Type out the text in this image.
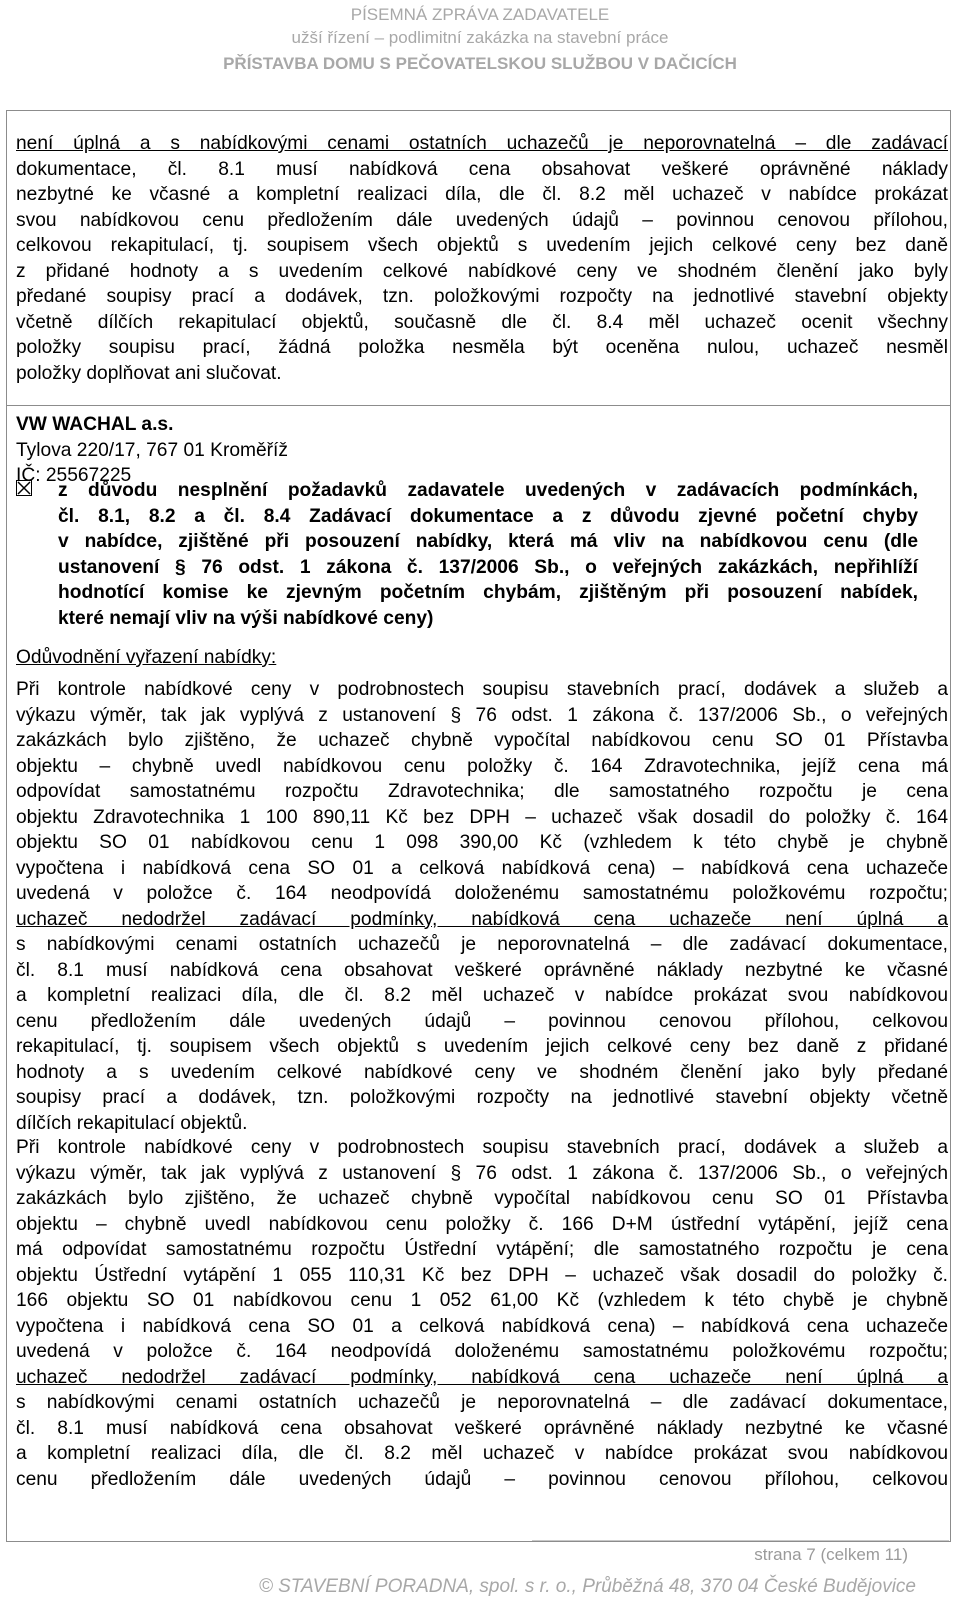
PÍSEMNÁ ZPRÁVA ZADAVATELE
užší řízení – podlimitní zakázka na stavební práce
PŘÍSTAVBA DOMU S PEČOVATELSKOU SLUŽBOU V DAČICÍCH
není úplná a s nabídkovými cenami ostatních uchazečů je neporovnatelná – dle zadávací
dokumentace, čl. 8.1 musí nabídková cena obsahovat veškeré oprávněné náklady
nezbytné ke včasné a kompletní realizaci díla, dle čl. 8.2 měl uchazeč v nabídce prokázat
svou nabídkovou cenu předložením dále uvedených údajů – povinnou cenovou přílohou,
celkovou rekapitulací, tj. soupisem všech objektů s uvedením jejich celkové ceny bez daně
z přidané hodnoty a s uvedením celkové nabídkové ceny ve shodném členění jako byly
předané soupisy prací a dodávek, tzn. položkovými rozpočty na jednotlivé stavební objekty
včetně dílčích rekapitulací objektů, současně dle čl. 8.4 měl uchazeč ocenit všechny
položky soupisu prací, žádná položka nesměla být oceněna nulou, uchazeč nesměl
položky doplňovat ani slučovat.
VW WACHAL a.s.
Tylova 220/17, 767 01 Kroměříž
IČ: 25567225
z důvodu nesplnění požadavků zadavatele uvedených v zadávacích podmínkách,
čl. 8.1, 8.2 a čl. 8.4 Zadávací dokumentace a z důvodu zjevné početní chyby
v nabídce, zjištěné při posouzení nabídky, která má vliv na nabídkovou cenu (dle
ustanovení § 76 odst. 1 zákona č. 137/2006 Sb., o veřejných zakázkách, nepřihlíží
hodnotící komise ke zjevným početním chybám, zjištěným při posouzení nabídek,
které nemají vliv na výši nabídkové ceny)
Odůvodnění vyřazení nabídky:
Při kontrole nabídkové ceny v podrobnostech soupisu stavebních prací, dodávek a služeb a
výkazu výměr, tak jak vyplývá z ustanovení § 76 odst. 1 zákona č. 137/2006 Sb., o veřejných
zakázkách bylo zjištěno, že uchazeč chybně vypočítal nabídkovou cenu SO 01 Přístavba
objektu – chybně uvedl nabídkovou cenu položky č. 164 Zdravotechnika, jejíž cena má
odpovídat samostatnému rozpočtu Zdravotechnika; dle samostatného rozpočtu je cena
objektu Zdravotechnika 1 100 890,11 Kč bez DPH – uchazeč však dosadil do položky č. 164
objektu SO 01 nabídkovou cenu 1 098 390,00 Kč (vzhledem k této chybě je chybně
vypočtena i nabídková cena SO 01 a celková nabídková cena) – nabídková cena uchazeče
uvedená v položce č. 164 neodpovídá doloženému samostatnému položkovému rozpočtu;
uchazeč nedodržel zadávací podmínky, nabídková cena uchazeče není úplná a
s nabídkovými cenami ostatních uchazečů je neporovnatelná – dle zadávací dokumentace,
čl. 8.1 musí nabídková cena obsahovat veškeré oprávněné náklady nezbytné ke včasné
a kompletní realizaci díla, dle čl. 8.2 měl uchazeč v nabídce prokázat svou nabídkovou
cenu předložením dále uvedených údajů – povinnou cenovou přílohou, celkovou
rekapitulací, tj. soupisem všech objektů s uvedením jejich celkové ceny bez daně z přidané
hodnoty a s uvedením celkové nabídkové ceny ve shodném členění jako byly předané
soupisy prací a dodávek, tzn. položkovými rozpočty na jednotlivé stavební objekty včetně
dílčích rekapitulací objektů.
Při kontrole nabídkové ceny v podrobnostech soupisu stavebních prací, dodávek a služeb a
výkazu výměr, tak jak vyplývá z ustanovení § 76 odst. 1 zákona č. 137/2006 Sb., o veřejných
zakázkách bylo zjištěno, že uchazeč chybně vypočítal nabídkovou cenu SO 01 Přístavba
objektu – chybně uvedl nabídkovou cenu položky č. 166 D+M ústřední vytápění, jejíž cena
má odpovídat samostatnému rozpočtu Ústřední vytápění; dle samostatného rozpočtu je cena
objektu Ústřední vytápění 1 055 110,31 Kč bez DPH – uchazeč však dosadil do položky č.
166 objektu SO 01 nabídkovou cenu 1 052 61,00 Kč (vzhledem k této chybě je chybně
vypočtena i nabídková cena SO 01 a celková nabídková cena) – nabídková cena uchazeče
uvedená v položce č. 164 neodpovídá doloženému samostatnému položkovému rozpočtu;
uchazeč nedodržel zadávací podmínky, nabídková cena uchazeče není úplná a
s nabídkovými cenami ostatních uchazečů je neporovnatelná – dle zadávací dokumentace,
čl. 8.1 musí nabídková cena obsahovat veškeré oprávněné náklady nezbytné ke včasné
a kompletní realizaci díla, dle čl. 8.2 měl uchazeč v nabídce prokázat svou nabídkovou
cenu předložením dále uvedených údajů – povinnou cenovou přílohou, celkovou
strana 7 (celkem 11)
© STAVEBNÍ PORADNA, spol. s r. o., Průběžná 48, 370 04 České Budějovice
